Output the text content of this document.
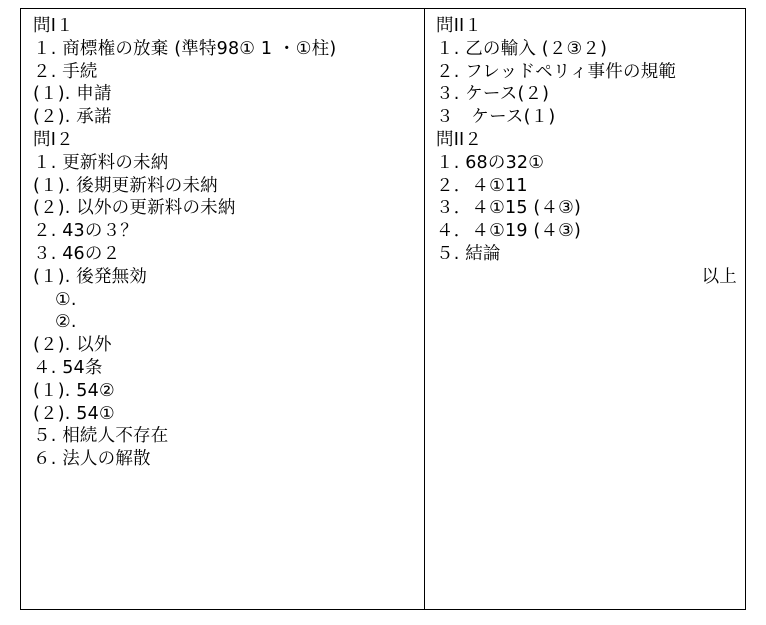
問I１
１. 商標権の放棄 (準特98① 1 ・①柱)
２. 手続
(１). 申請
(２). 承諾
問I２
１. 更新料の未納
(１). 後期更新料の未納
(２). 以外の更新料の未納
２. 43の３？
３. 46の２
(１). 後発無効
①.
②.
(２). 以外
４. 54条
(１). 54②
(２). 54①
５. 相続人不存在
６. 法人の解散
問II１
１. 乙の輸入 (２③２)
２. フレッドペリィ事件の規範
３. ケース(２)
３　ケース(１)
問II２
１. 68の32①
２．４①11
３．４①15 (４③)
４．４①19 (４③)
５. 結論
以上
